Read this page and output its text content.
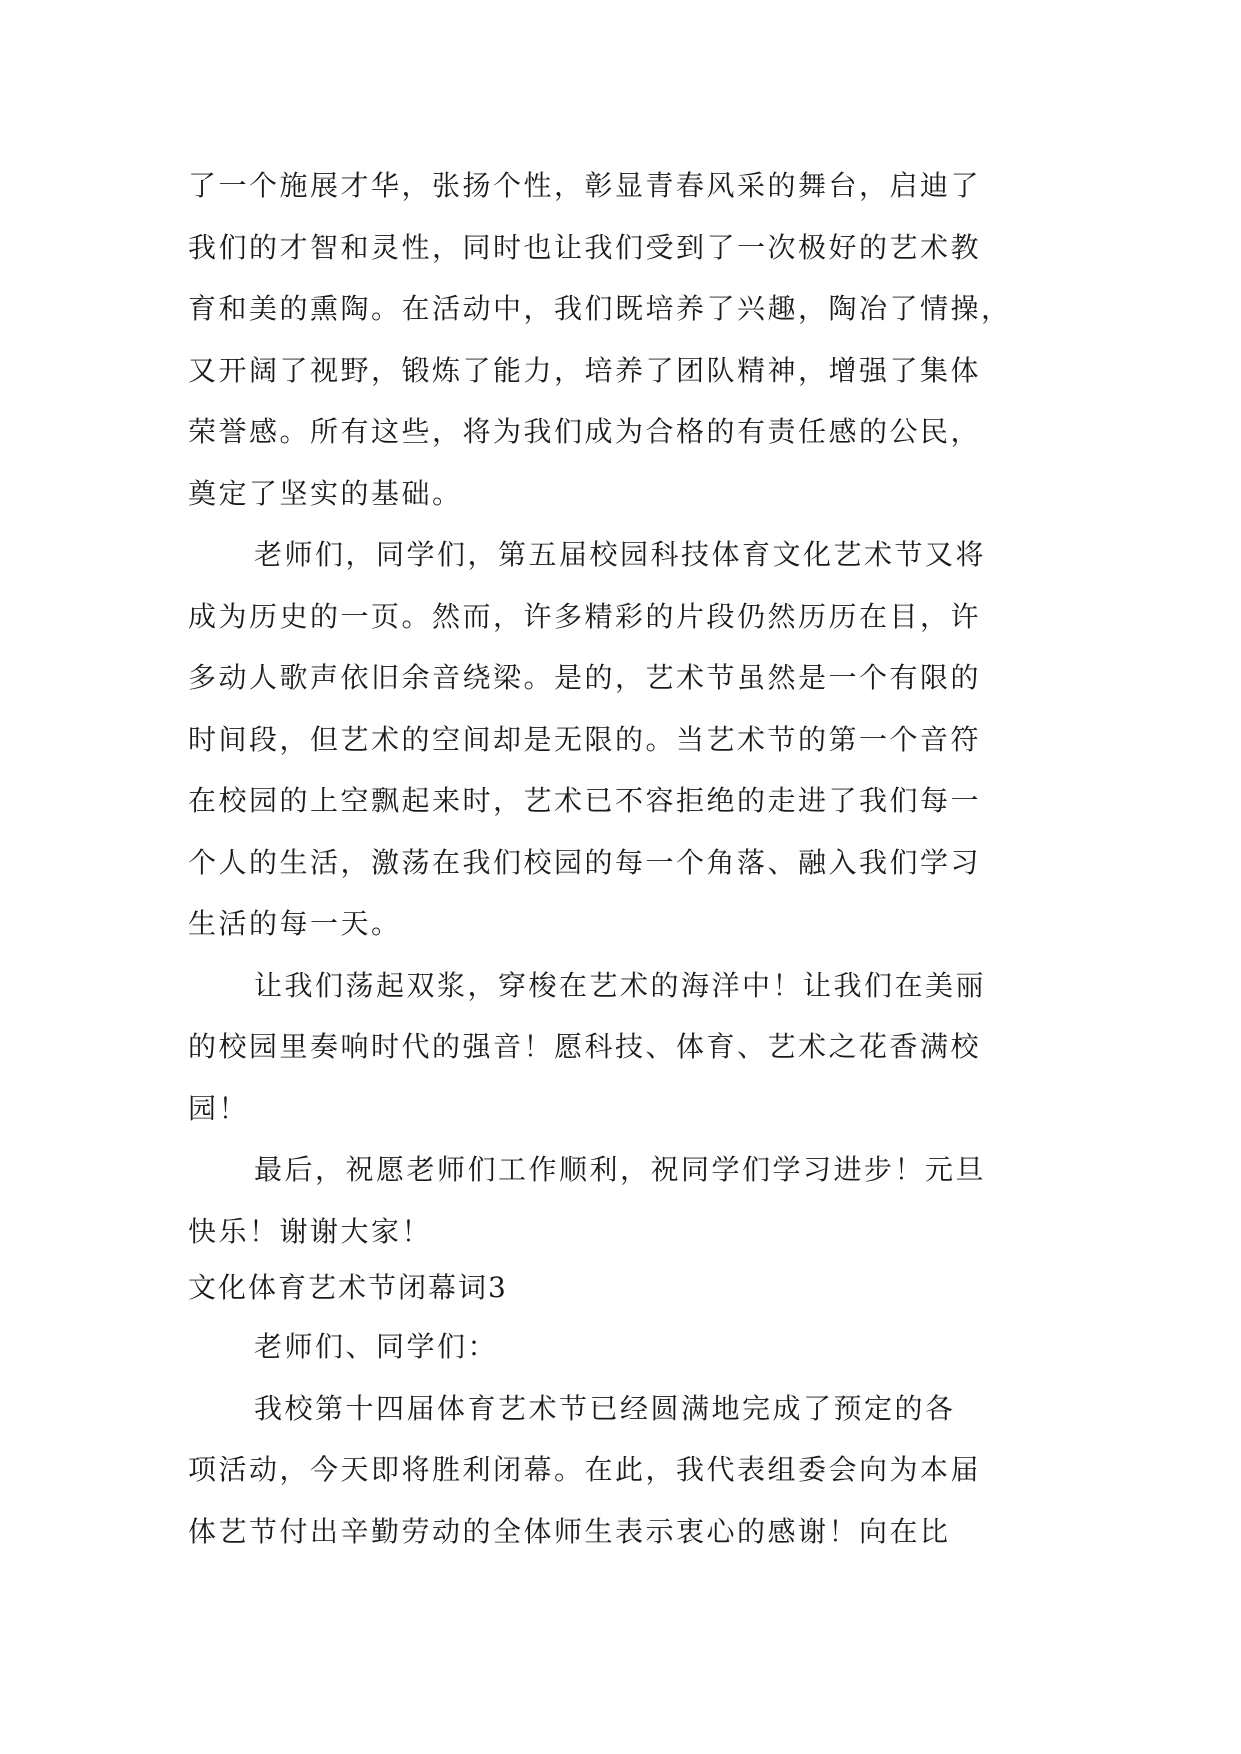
了一个施展才华，张扬个性，彰显青春风采的舞台，启迪了
我们的才智和灵性，同时也让我们受到了一次极好的艺术教
育和美的熏陶。在活动中，我们既培养了兴趣，陶冶了情操，
又开阔了视野，锻炼了能力，培养了团队精神，增强了集体
荣誉感。所有这些，将为我们成为合格的有责任感的公民，
奠定了坚实的基础。
老师们，同学们，第五届校园科技体育文化艺术节又将
成为历史的一页。然而，许多精彩的片段仍然历历在目，许
多动人歌声依旧余音绕梁。是的，艺术节虽然是一个有限的
时间段，但艺术的空间却是无限的。当艺术节的第一个音符
在校园的上空飘起来时，艺术已不容拒绝的走进了我们每一
个人的生活，激荡在我们校园的每一个角落、融入我们学习
生活的每一天。
让我们荡起双浆，穿梭在艺术的海洋中！让我们在美丽
的校园里奏响时代的强音！愿科技、体育、艺术之花香满校
园！
最后，祝愿老师们工作顺利，祝同学们学习进步！元旦
快乐！谢谢大家！
文化体育艺术节闭幕词3
老师们、同学们：
我校第十四届体育艺术节已经圆满地完成了预定的各
项活动，今天即将胜利闭幕。在此，我代表组委会向为本届
体艺节付出辛勤劳动的全体师生表示衷心的感谢！向在比
